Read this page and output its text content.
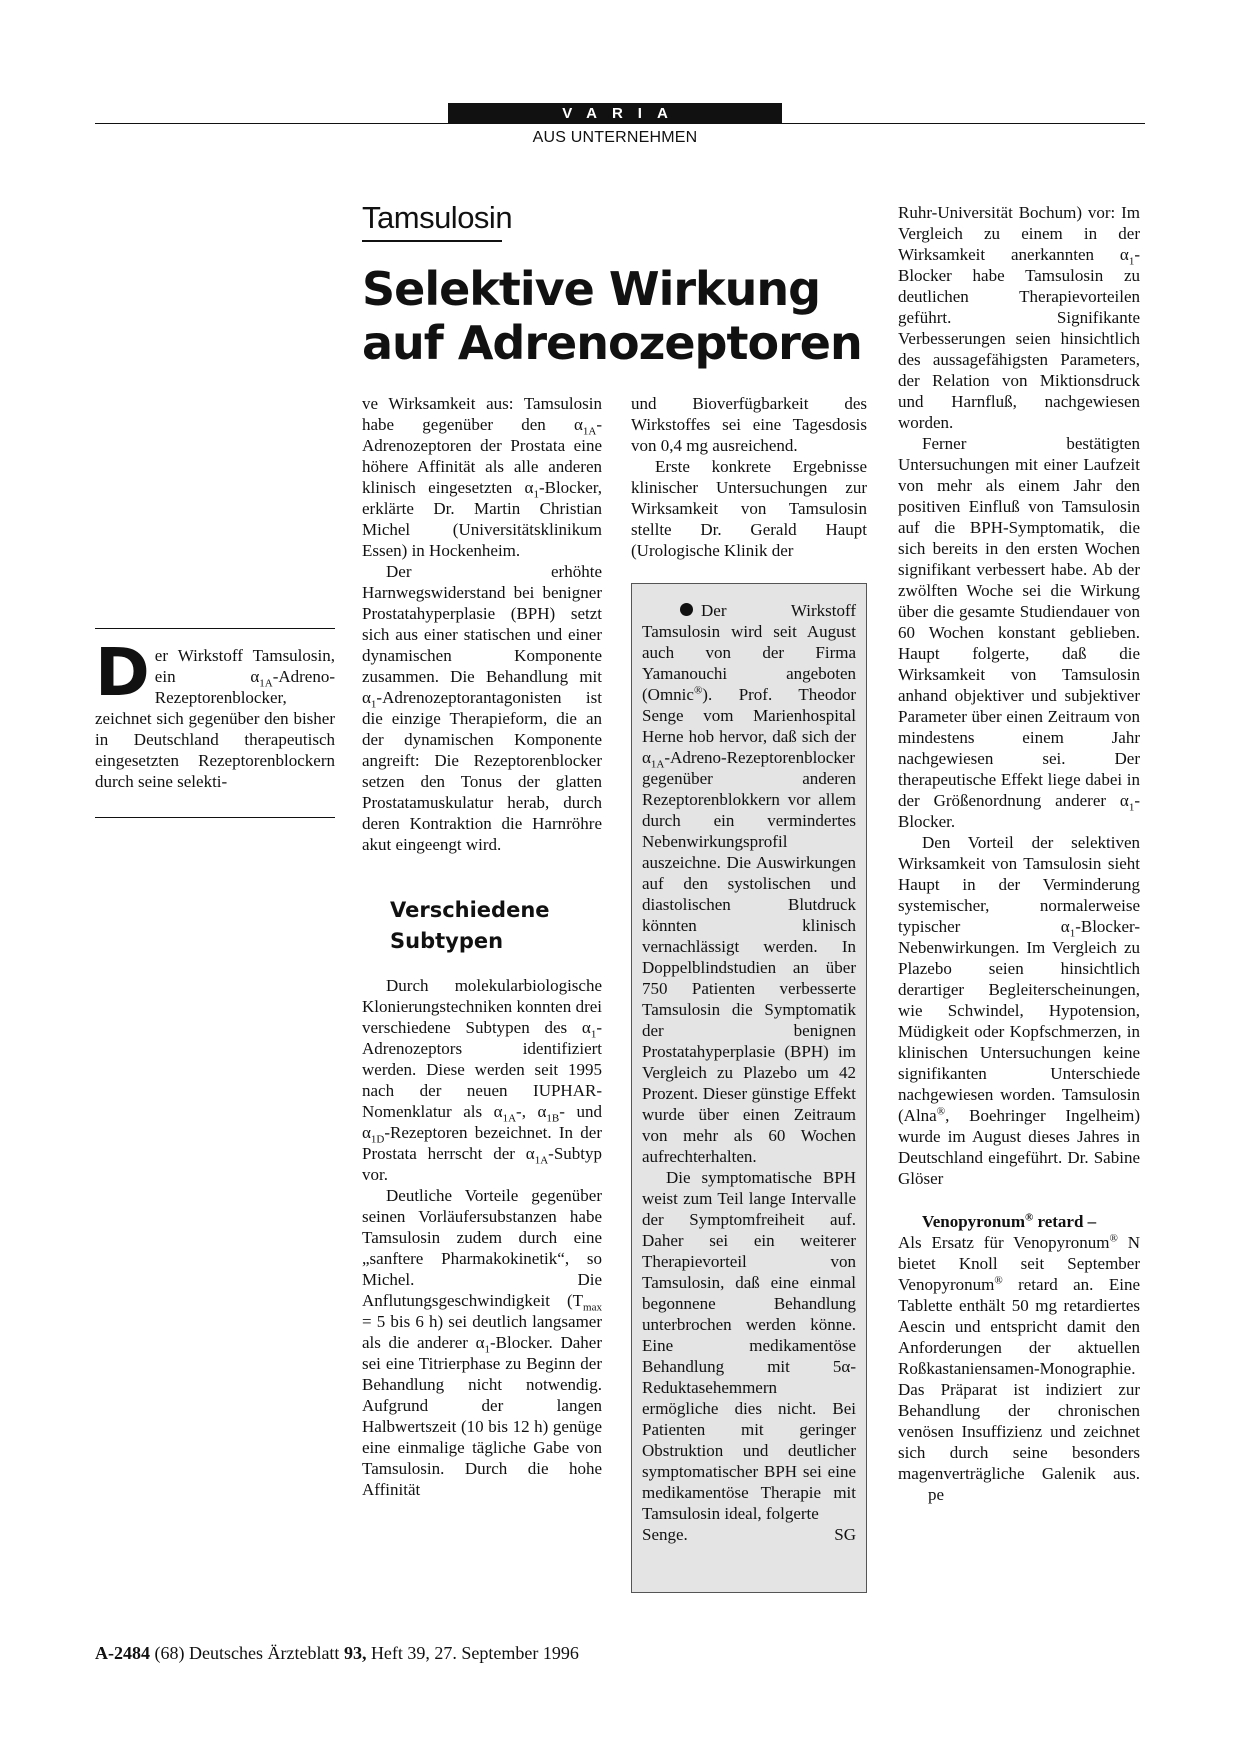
VARIA
AUS UNTERNEHMEN
Tamsulosin
Selektive Wirkung
auf Adrenozeptoren
Der Wirkstoff Tamsulosin, ein $\alpha_{1A}-Adreno$-Rezeptorenblocker, zeichnet sich gegenüber den bisher in Deutschland therapeutisch eingesetzten Rezeptorenblockern durch seine selekti-

ve Wirksamkeit aus: Tamsulosin habe gegenüber den $\alpha_{1A}$-Adrenozeptoren der Prostata eine höhere Affinität als alle anderen klinisch eingesetzten $\alpha_1$-Blocker, erklärte Dr. Martin Christian Michel (Universitätsklinikum Essen) in Hockenheim.

Der erhöhte Harnwegswiderstand bei benigner Prostatahyperplasie (BPH) setzt sich aus einer statischen und einer dynamischen Komponente zusammen. Die Behandlung mit $\alpha_1$-Adrenozeptorantagonisten ist die einzige Therapieform, die an der dynamischen Komponente angreift: Die Rezeptorenblocker setzen den Tonus der glatten Prostatamuskulatur herab, durch deren Kontraktion die Harnröhre akut eingeengt wird.

Verschiedene
Subtypen

Durch molekularbiologische Klonierungstechniken konnten drei verschiedene Subtypen des $\alpha_1$-Adrenozeptors identifiziert werden. Diese werden seit 1995 nach der neuen IUPHAR-Nomenklatur als $\alpha_{1A}-$, $\alpha_{1B}-$ und $\alpha_{1D}$-Rezeptoren bezeichnet. In der Prostata herrscht der $\alpha_{1A}$-Subtyp vor.

Deutliche Vorteile gegenüber seinen Vorläufersubstanzen habe Tamsulosin zudem durch eine „sanftere Pharmakokinetik“, so Michel. Die Anflutungsgeschwindigkeit ($T_{max} = 5$ bis 6 h) sei deutlich langsamer als die anderer $\alpha_1$-Blocker. Daher sei eine Titrierphase zu Beginn der Behandlung nicht notwendig. Aufgrund der langen Halbwertszeit (10 bis 12 h) genüge eine einmalige tägliche Gabe von Tamsulosin. Durch die hohe Affinität

und Bioverfügbarkeit des Wirkstoffes sei eine Tagesdosis von 0,4 mg ausreichend.

Erste konkrete Ergebnisse klinischer Untersuchungen zur Wirksamkeit von Tamsulosin stellte Dr. Gerald Haupt (Urologische Klinik der

Der Wirkstoff Tamsulosin wird seit August auch von der Firma Yamanouchi angeboten (Omnic®). Prof. Theodor Senge vom Marienhospital Herne hob hervor, daß sich der $\alpha_{1A}-Adreno$-Rezeptorenblocker gegenüber anderen Rezeptorenblokkern vor allem durch ein vermindertes Nebenwirkungsprofil auszeichne. Die Auswirkungen auf den systolischen und diastolischen Blutdruck könnten klinisch vernachlässigt werden. In Doppelblindstudien an über 750 Patienten verbesserte Tamsulosin die Symptomatik der benignen Prostatahyperplasie (BPH) im Vergleich zu Plazebo um 42 Prozent. Dieser günstige Effekt wurde über einen Zeitraum von mehr als 60 Wochen aufrechterhalten.

Die symptomatische BPH weist zum Teil lange Intervalle der Symptomfreiheit auf. Daher sei ein weiterer Therapievorteil von Tamsulosin, daß eine einmal begonnene Behandlung unterbrochen werden könne. Eine medikamentöse Behandlung mit 5α-Reduktasehemmern ermögliche dies nicht. Bei Patienten mit geringer Obstruktion und deutlicher symptomatischer BPH sei eine medikamentöse Therapie mit Tamsulosin ideal, folgerte

Senge.	SG

Ruhr-Universität Bochum) vor: Im Vergleich zu einem in der Wirksamkeit anerkannten $\alpha_1$-Blocker habe Tamsulosin zu deutlichen Therapievorteilen geführt. Signifikante Verbesserungen seien hinsichtlich des aussagefähigsten Parameters, der Relation von Miktionsdruck und Harnfluß, nachgewiesen worden.

Ferner bestätigten Untersuchungen mit einer Laufzeit von mehr als einem Jahr den positiven Einfluß von Tamsulosin auf die BPH-Symptomatik, die sich bereits in den ersten Wochen signifikant verbessert habe. Ab der zwölften Woche sei die Wirkung über die gesamte Studiendauer von 60 Wochen konstant geblieben. Haupt folgerte, daß die Wirksamkeit von Tamsulosin anhand objektiver und subjektiver Parameter über einen Zeitraum von mindestens einem Jahr nachgewiesen sei. Der therapeutische Effekt liege dabei in der Größenordnung anderer $\alpha_1$-Blocker.

Den Vorteil der selektiven Wirksamkeit von Tamsulosin sieht Haupt in der Verminderung systemischer, normalerweise typischer $\alpha_1-Blocker$-Nebenwirkungen. Im Vergleich zu Plazebo seien hinsichtlich derartiger Begleiterscheinungen, wie Schwindel, Hypotension, Müdigkeit oder Kopfschmerzen, in klinischen Untersuchungen keine signifikanten Unterschiede nachgewiesen worden. Tamsulosin (Alna®, Boehringer Ingelheim) wurde im August dieses Jahres in Deutschland eingeführt. Dr. Sabine Glöser

Venopyronum® retard –

Als Ersatz für Venopyronum® N bietet Knoll seit September Venopyronum® retard an. Eine Tablette enthält 50 mg retardiertes Aescin und entspricht damit den Anforderungen der aktuellen Roßkastaniensamen-Monographie. Das Präparat ist indiziert zur Behandlung der chronischen venösen Insuffizienz und zeichnet sich durch seine besonders magenverträgliche Galenik aus. pe

A-2484 (68) Deutsches Ärzteblatt 93, Heft 39, 27. September 1996
